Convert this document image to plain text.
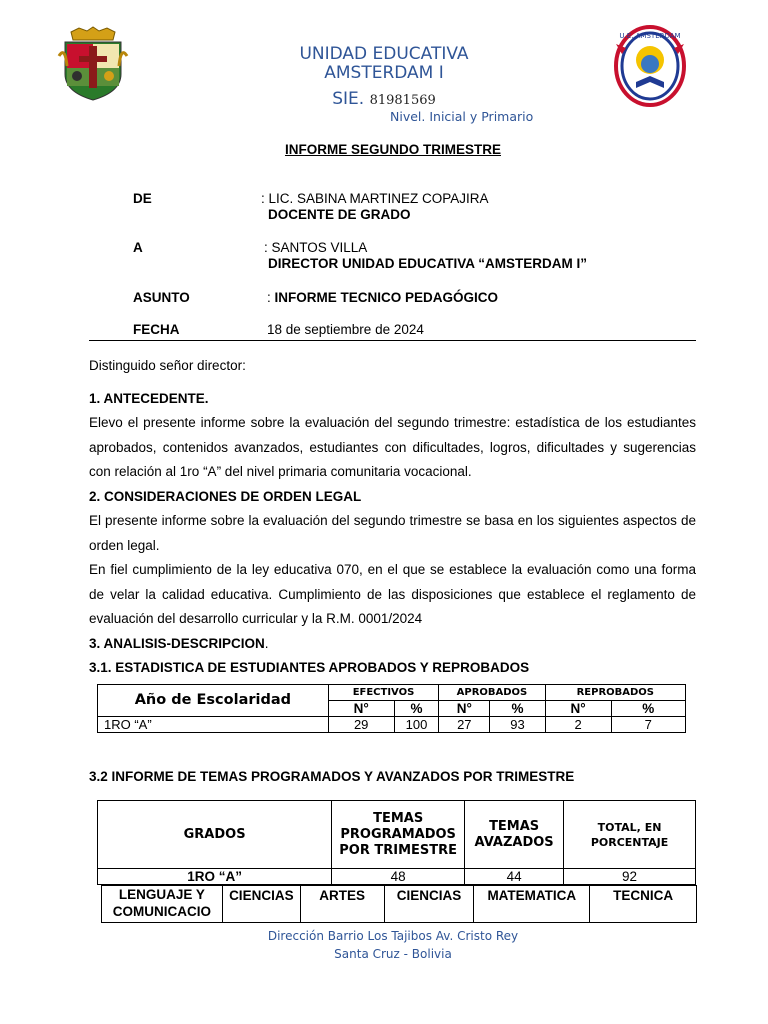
U.E. AMSTERDAM
UNIDAD EDUCATIVA
AMSTERDAM I
SIE. 81981569
Nivel. Inicial y Primario
INFORME SEGUNDO TRIMESTRE
DE	: LIC. SABINA MARTINEZ COPAJIRA
DOCENTE DE GRADO
A	: SANTOS VILLA
DIRECTOR UNIDAD EDUCATIVA “AMSTERDAM I”
ASUNTO	: INFORME TECNICO PEDAGÓGICO
FECHA	18 de septiembre de 2024

Distinguido señor director:

1. ANTECEDENTE.

Elevo el presente informe sobre la evaluación del segundo trimestre: estadística de los estudiantes aprobados, contenidos avanzados, estudiantes con dificultades, logros, dificultades y sugerencias con relación al 1ro “A” del nivel primaria comunitaria vocacional.

2. CONSIDERACIONES DE ORDEN LEGAL

El presente informe sobre la evaluación del segundo trimestre se basa en los siguientes aspectos de orden legal.

En fiel cumplimiento de la ley educativa 070, en el que se establece la evaluación como una forma de velar la calidad educativa. Cumplimiento de las disposiciones que establece el reglamento de evaluación del desarrollo curricular y la R.M. 0001/2024

3. ANALISIS-DESCRIPCION.

3.1. ESTADISTICA DE ESTUDIANTES APROBADOS Y REPROBADOS

Año de Escolaridad	EFECTIVOS		APROBADOS		REPROBADOS	
	N°	%	N°	%	N°	%
1RO “A”	29	100	27	93	2	7
3.2 INFORME DE TEMAS PROGRAMADOS Y AVANZADOS POR TRIMESTRE
GRADOS	TEMAS PROGRAMADOS POR TRIMESTRE	TEMAS AVAZADOS	TOTAL, EN PORCENTAJE
1RO “A”	48	44	92
LENGUAJE Y COMUNICACIO	CIENCIAS	ARTES	CIENCIAS	MATEMATICA	TECNICA
Dirección Barrio Los Tajibos Av. Cristo Rey
Santa Cruz - Bolivia
